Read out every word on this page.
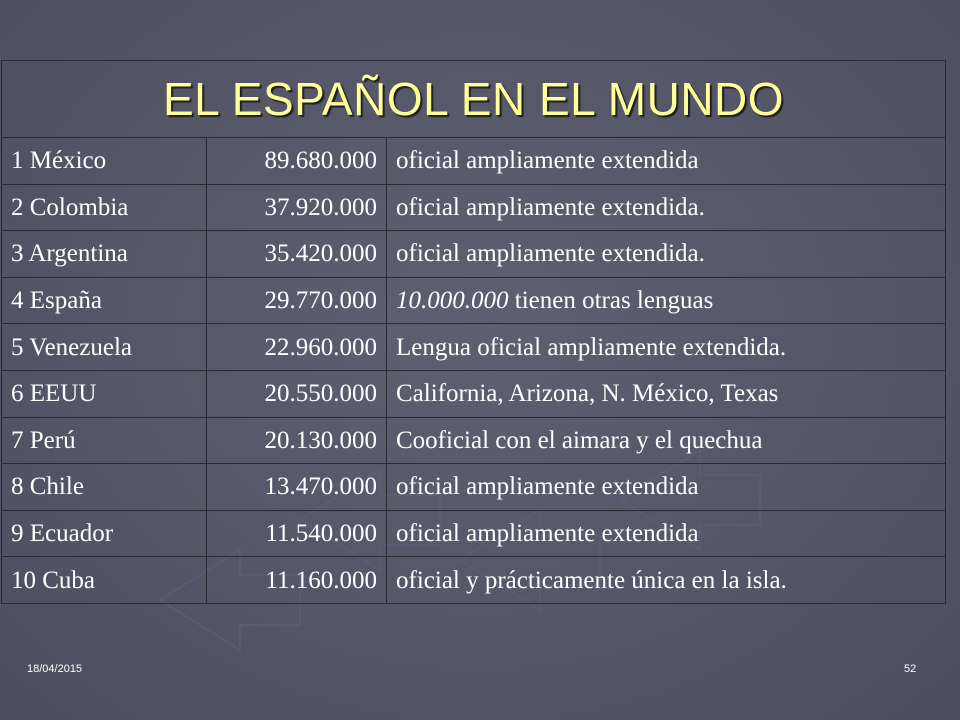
EL ESPAÑOL EN EL MUNDO		
1 México	89.680.000	oficial ampliamente extendida
2 Colombia	37.920.000	oficial ampliamente extendida.
3 Argentina	35.420.000	oficial ampliamente extendida.
4 España	29.770.000	10.000.000 tienen otras lenguas
5 Venezuela	22.960.000	Lengua oficial ampliamente extendida.
6 EEUU	20.550.000	California, Arizona, N. México, Texas
7 Perú	20.130.000	Cooficial con el aimara y el quechua
8 Chile	13.470.000	oficial ampliamente extendida
9 Ecuador	11.540.000	oficial ampliamente extendida
10 Cuba	11.160.000	oficial y prácticamente única en la isla.
18/04/2015	52
